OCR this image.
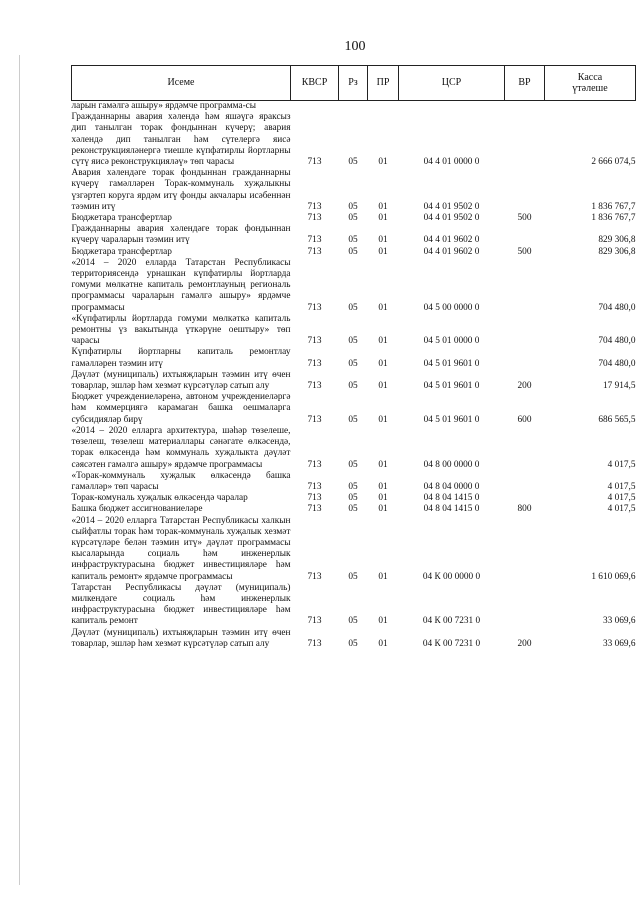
100
Исеме	КВСР	Рз	ПР	ЦСР	ВР	Касса
үтәлеше

ларын гамәлгә ашыру» ярдәмче программа-сы						
Гражданнарны авария хәлендә һәм яшәүгә яраксыз дип танылган торак фондыннан күчерү; авария хәлендә дип танылган һәм сүтелергә яисә реконструкцияләнергә тиешле күпфатирлы йортларны сүтү яисә реконструкцияләү» төп чарасы	713	05	01	04 4 01 0000 0		2 666 074,5
Авария хәлендәге торак фондыннан гражданнарны күчерү гамәлләрен Торак-коммуналь хуҗалыкны үзгәртеп коруга ярдәм итү фонды акчалары исәбеннән тәэмин итү	713	05	01	04 4 01 9502 0		1 836 767,7
Бюджетара трансфертлар	713	05	01	04 4 01 9502 0	500	1 836 767,7
Гражданнарны авария хәлендәге торак фондыннан күчерү чараларын тәэмин итү	713	05	01	04 4 01 9602 0		829 306,8
Бюджетара трансфертлар	713	05	01	04 4 01 9602 0	500	829 306,8
«2014 – 2020 елларда Татарстан Республикасы территориясендә урнашкан күпфатирлы йортларда гомуми мөлкәтне капиталь ремонтлауның региональ программасы чараларын гамәлгә ашыру» ярдәмче программасы	713	05	01	04 5 00 0000 0		704 480,0
«Күпфатирлы йортларда гомуми мөлкәткә капиталь ремонтны үз вакытында үткәрүне оештыру» төп чарасы	713	05	01	04 5 01 0000 0		704 480,0
Күпфатирлы йортларны капиталь ремонтлау гамәлләрен тәэмин итү	713	05	01	04 5 01 9601 0		704 480,0
Дәүләт (муниципаль) ихтыяҗларын тәэмин итү өчен товарлар, эшләр һәм хезмәт күрсәтүләр сатып алу	713	05	01	04 5 01 9601 0	200	17 914,5
Бюджет учреждениеләренә, автоном учреждениеләргә һәм коммерциягә карамаган башка оешмаларга субсидияләр бирү	713	05	01	04 5 01 9601 0	600	686 565,5
«2014 – 2020 елларга архитектура, шәһәр төзелеше, төзелеш, төзелеш материаллары сәнәгате өлкәсендә, торак өлкәсендә һәм коммуналь хуҗалыкта дәүләт сәясәтен гамәлгә ашыру» ярдәмче программасы	713	05	01	04 8 00 0000 0		4 017,5
«Торак-коммуналь хуҗалык өлкәсендә башка гамәлләр» төп чарасы	713	05	01	04 8 04 0000 0		4 017,5
Торак-комуналь хуҗалык өлкәсендә чаралар	713	05	01	04 8 04 1415 0		4 017,5
Башка бюджет ассигнованиеләре	713	05	01	04 8 04 1415 0	800	4 017,5
«2014 – 2020 елларга Татарстан Республикасы халкын сыйфатлы торак һәм торак-коммуналь хуҗалык хезмәт күрсәтүләре белән тәэмин итү» дәүләт программасы кысаларында социаль һәм инженерлык инфраструктурасына бюджет инвестицияләре һәм капиталь ремонт» ярдәмче программасы	713	05	01	04 К 00 0000 0		1 610 069,6
Татарстан Республикасы дәүләт (муниципаль) милкендәге социаль һәм инженерлык инфраструктурасына бюджет инвестицияләре һәм капиталь ремонт	713	05	01	04 К 00 7231 0		33 069,6
Дәүләт (муниципаль) ихтыяҗларын тәэмин итү өчен товарлар, эшләр һәм хезмәт күрсәтүләр сатып алу	713	05	01	04 К 00 7231 0	200	33 069,6
